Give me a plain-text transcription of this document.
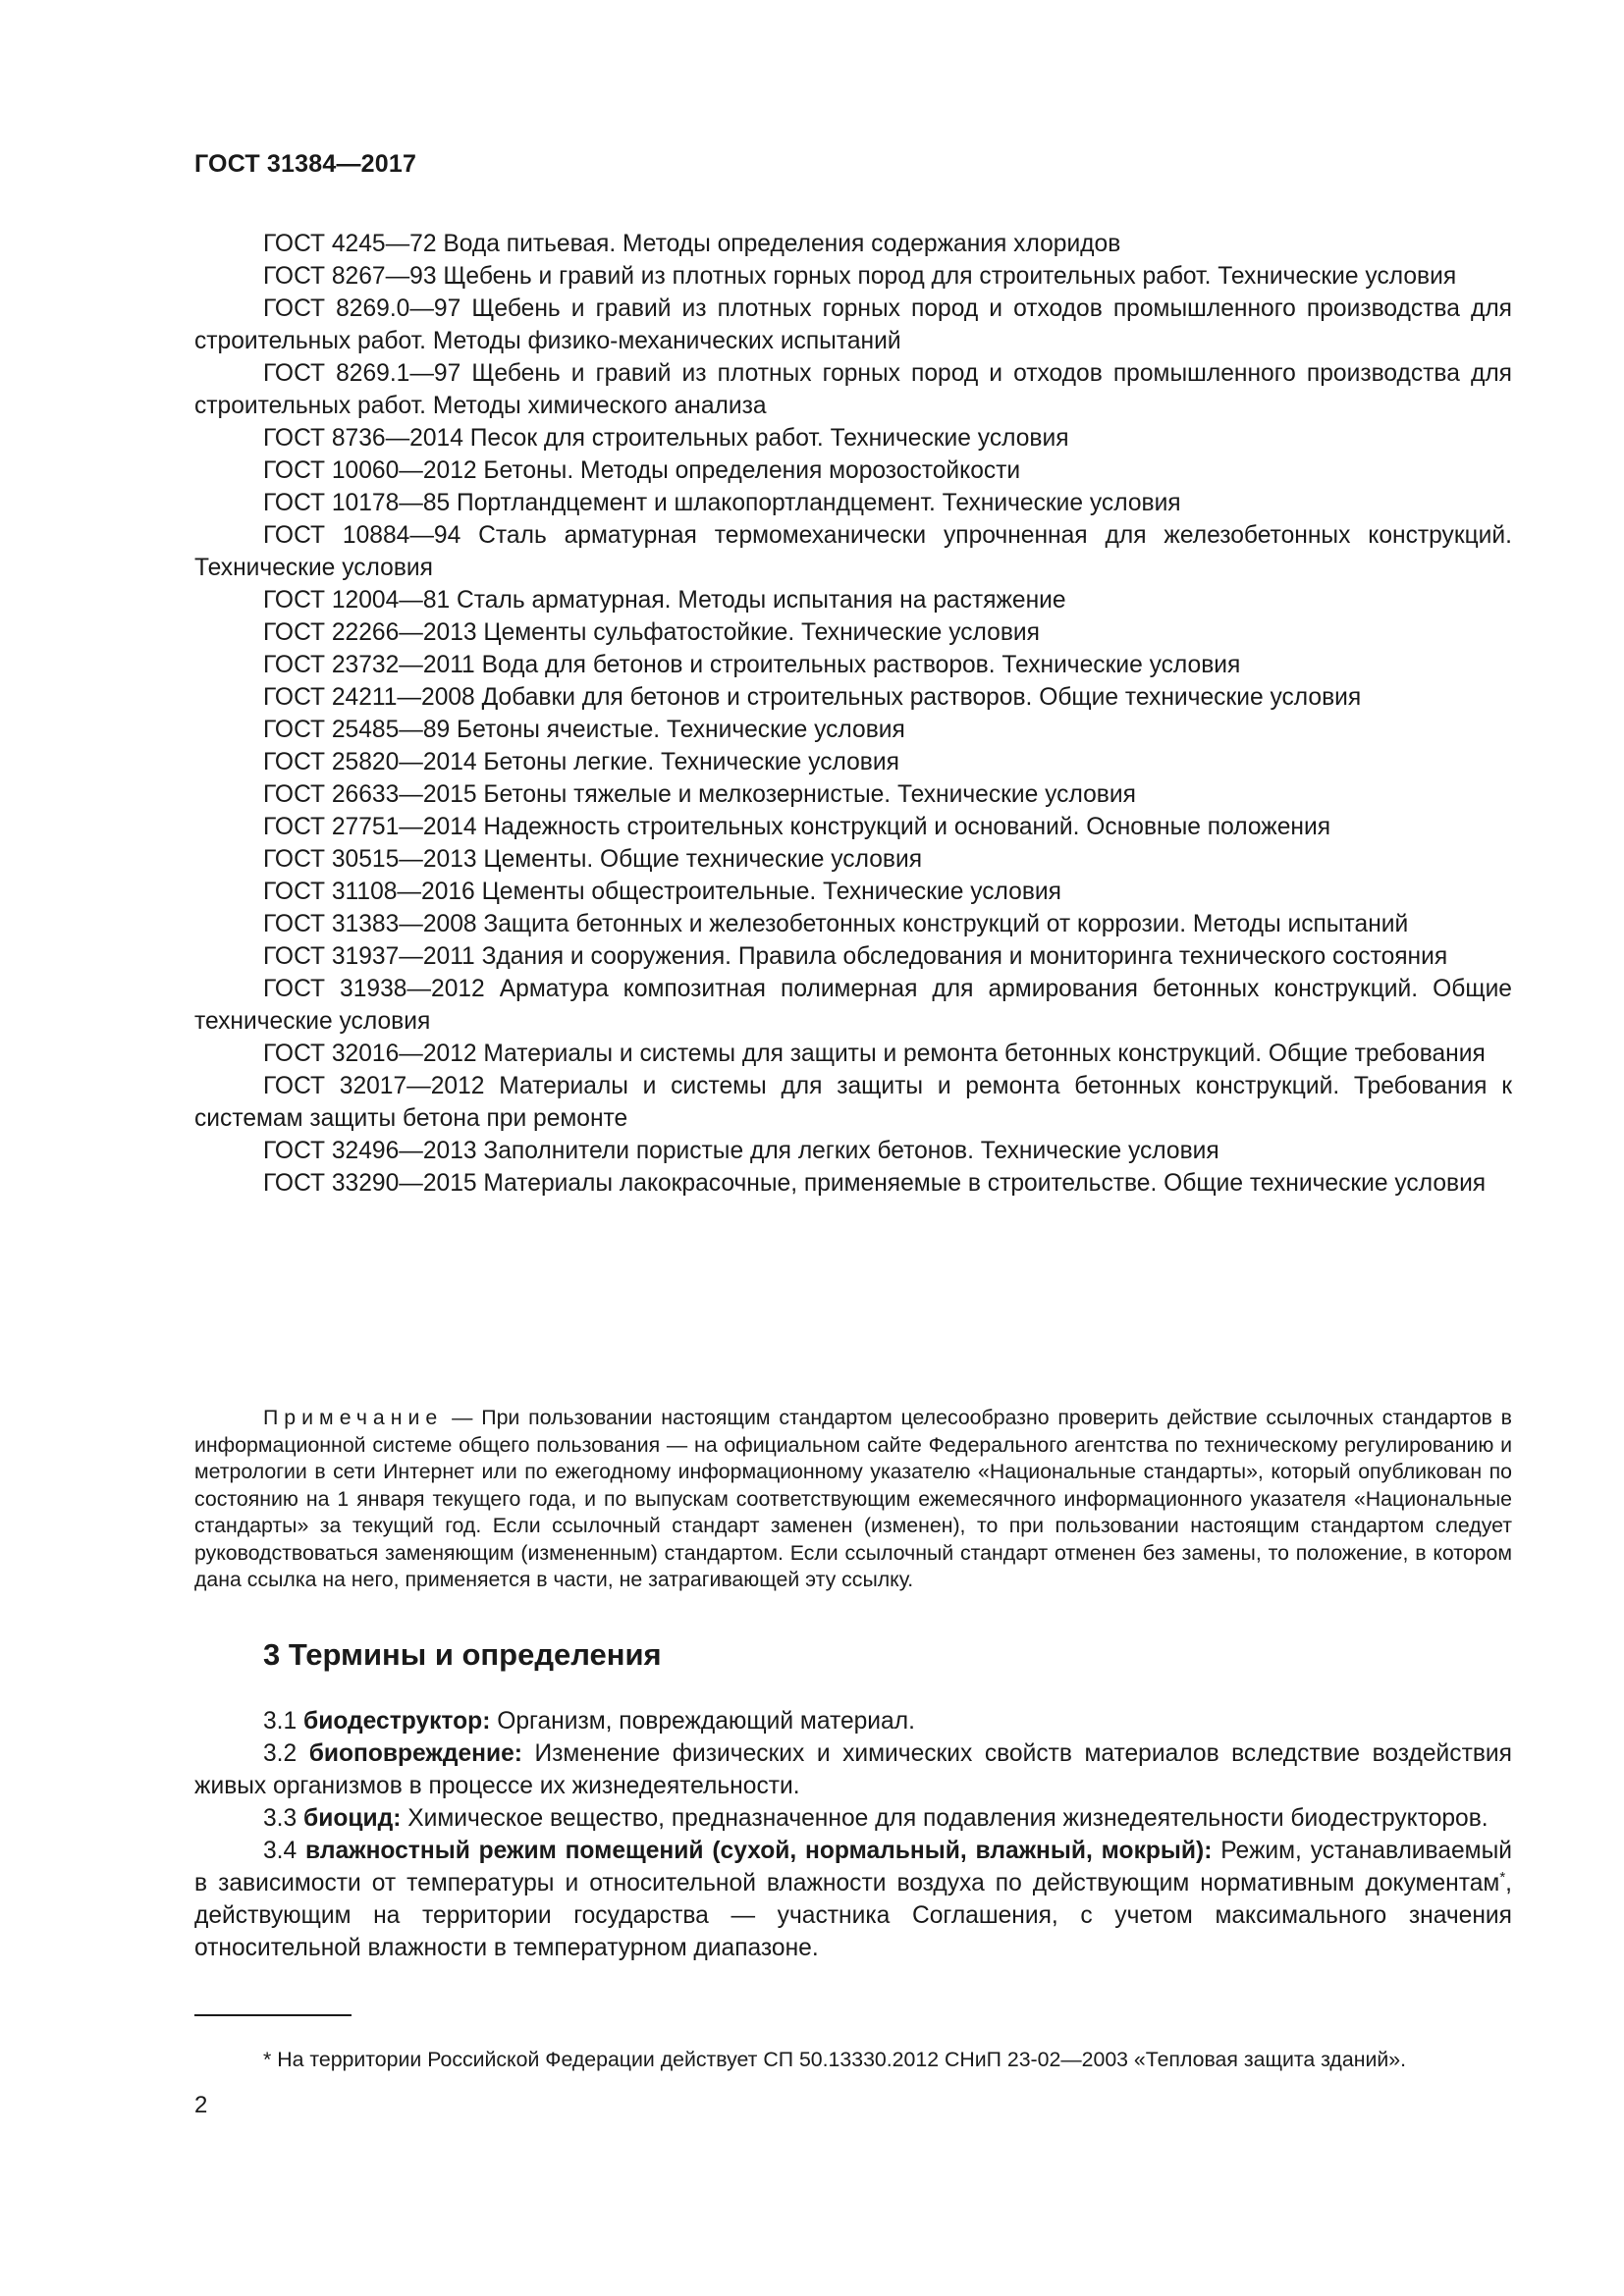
ГОСТ 31384—2017

ГОСТ 4245—72 Вода питьевая. Методы определения содержания хлоридов

ГОСТ 8267—93 Щебень и гравий из плотных горных пород для строительных работ. Технические условия

ГОСТ 8269.0—97 Щебень и гравий из плотных горных пород и отходов промышленного производства для строительных работ. Методы физико-механических испытаний

ГОСТ 8269.1—97 Щебень и гравий из плотных горных пород и отходов промышленного производства для строительных работ. Методы химического анализа

ГОСТ 8736—2014 Песок для строительных работ. Технические условия

ГОСТ 10060—2012 Бетоны. Методы определения морозостойкости

ГОСТ 10178—85 Портландцемент и шлакопортландцемент. Технические условия

ГОСТ 10884—94 Сталь арматурная термомеханически упрочненная для железобетонных конструкций. Технические условия

ГОСТ 12004—81 Сталь арматурная. Методы испытания на растяжение

ГОСТ 22266—2013 Цементы сульфатостойкие. Технические условия

ГОСТ 23732—2011 Вода для бетонов и строительных растворов. Технические условия

ГОСТ 24211—2008 Добавки для бетонов и строительных растворов. Общие технические условия

ГОСТ 25485—89 Бетоны ячеистые. Технические условия

ГОСТ 25820—2014 Бетоны легкие. Технические условия

ГОСТ 26633—2015 Бетоны тяжелые и мелкозернистые. Технические условия

ГОСТ 27751—2014 Надежность строительных конструкций и оснований. Основные положения

ГОСТ 30515—2013 Цементы. Общие технические условия

ГОСТ 31108—2016 Цементы общестроительные. Технические условия

ГОСТ 31383—2008 Защита бетонных и железобетонных конструкций от коррозии. Методы испытаний

ГОСТ 31937—2011 Здания и сооружения. Правила обследования и мониторинга технического состояния

ГОСТ 31938—2012 Арматура композитная полимерная для армирования бетонных конструкций. Общие технические условия

ГОСТ 32016—2012 Материалы и системы для защиты и ремонта бетонных конструкций. Общие требования

ГОСТ 32017—2012 Материалы и системы для защиты и ремонта бетонных конструкций. Требования к системам защиты бетона при ремонте

ГОСТ 32496—2013 Заполнители пористые для легких бетонов. Технические условия

ГОСТ 33290—2015 Материалы лакокрасочные, применяемые в строительстве. Общие технические условия

Примечание — При пользовании настоящим стандартом целесообразно проверить действие ссылочных стандартов в информационной системе общего пользования — на официальном сайте Федерального агентства по техническому регулированию и метрологии в сети Интернет или по ежегодному информационному указателю «Национальные стандарты», который опубликован по состоянию на 1 января текущего года, и по выпускам соответствующим ежемесячного информационного указателя «Национальные стандарты» за текущий год. Если ссылочный стандарт заменен (изменен), то при пользовании настоящим стандартом следует руководствоваться заменяющим (измененным) стандартом. Если ссылочный стандарт отменен без замены, то положение, в котором дана ссылка на него, применяется в части, не затрагивающей эту ссылку.

3 Термины и определения

3.1 биодеструктор: Организм, повреждающий материал.

3.2 биоповреждение: Изменение физических и химических свойств материалов вследствие воздействия живых организмов в процессе их жизнедеятельности.

3.3 биоцид: Химическое вещество, предназначенное для подавления жизнедеятельности биодеструкторов.

3.4 влажностный режим помещений (сухой, нормальный, влажный, мокрый): Режим, устанавливаемый в зависимости от температуры и относительной влажности воздуха по действующим нормативным документам*, действующим на территории государства — участника Соглашения, с учетом максимального значения относительной влажности в температурном диапазоне.

* На территории Российской Федерации действует СП 50.13330.2012 СНиП 23-02—2003 «Тепловая защита зданий».

2
